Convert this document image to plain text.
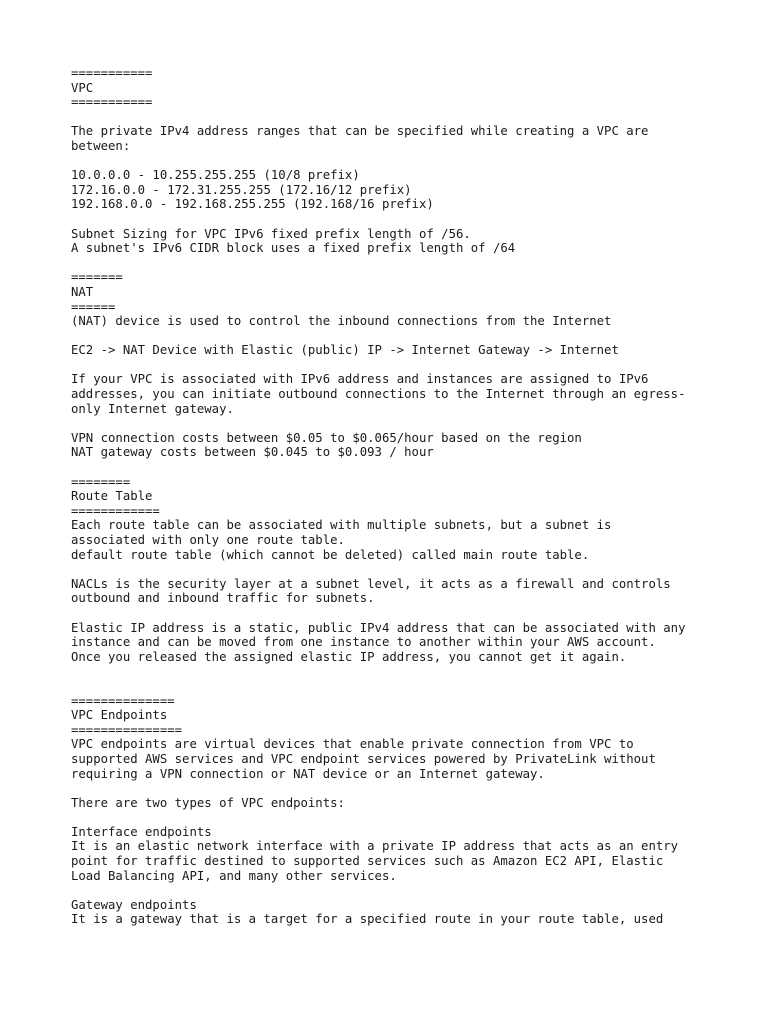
===========
VPC
===========
The private IPv4 address ranges that can be specified while creating a VPC are
between:
10.0.0.0 - 10.255.255.255 (10/8 prefix)
172.16.0.0 - 172.31.255.255 (172.16/12 prefix)
192.168.0.0 - 192.168.255.255 (192.168/16 prefix)
Subnet Sizing for VPC IPv6 fixed prefix length of /56.
A subnet's IPv6 CIDR block uses a fixed prefix length of /64
=======
NAT
======
(NAT) device is used to control the inbound connections from the Internet
EC2 -> NAT Device with Elastic (public) IP -> Internet Gateway -> Internet
If your VPC is associated with IPv6 address and instances are assigned to IPv6
addresses, you can initiate outbound connections to the Internet through an egress-
only Internet gateway.
VPN connection costs between $0.05 to $0.065/hour based on the region
NAT gateway costs between $0.045 to $0.093 / hour
========
Route Table
============
Each route table can be associated with multiple subnets, but a subnet is
associated with only one route table.
default route table (which cannot be deleted) called main route table.
NACLs is the security layer at a subnet level, it acts as a firewall and controls
outbound and inbound traffic for subnets.
Elastic IP address is a static, public IPv4 address that can be associated with any
instance and can be moved from one instance to another within your AWS account.
Once you released the assigned elastic IP address, you cannot get it again.
==============
VPC Endpoints
===============
VPC endpoints are virtual devices that enable private connection from VPC to
supported AWS services and VPC endpoint services powered by PrivateLink without
requiring a VPN connection or NAT device or an Internet gateway.
There are two types of VPC endpoints:
Interface endpoints
It is an elastic network interface with a private IP address that acts as an entry
point for traffic destined to supported services such as Amazon EC2 API, Elastic
Load Balancing API, and many other services.
Gateway endpoints
It is a gateway that is a target for a specified route in your route table, used
